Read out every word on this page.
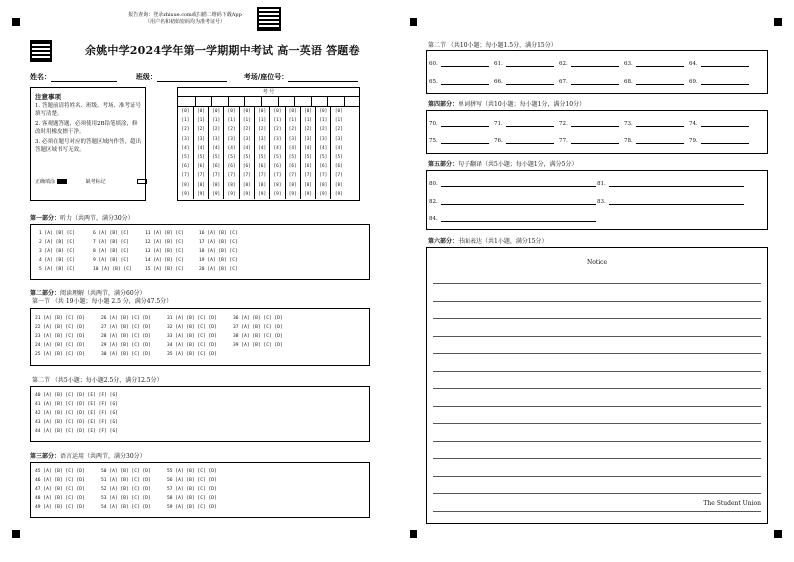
报告查询：登录zhixue.com或扫描二维码下载App
（用户名和初始密码均为准考证号）
余姚中学2024学年第一学期期中考试 高一英语 答题卷
姓名：	班级：	考场/座位号：
注意事项
1. 答题前请将姓名、班级、考场、准考证号填写清楚。
2. 客观题答题，必须使用2B铅笔填涂，修改时用橡皮擦干净。
3. 必须在题号对应的答题区域内作答，超出答题区域书写无效。
正确填涂	缺考标记
考 号
[0]	[0]	[0]	[0]	[0]	[0]	[0]	[0]	[0]	[0]	[0]
[1]	[1]	[1]	[1]	[1]	[1]	[1]	[1]	[1]	[1]	[1]
[2]	[2]	[2]	[2]	[2]	[2]	[2]	[2]	[2]	[2]	[2]
[3]	[3]	[3]	[3]	[3]	[3]	[3]	[3]	[3]	[3]	[3]
[4]	[4]	[4]	[4]	[4]	[4]	[4]	[4]	[4]	[4]	[4]
[5]	[5]	[5]	[5]	[5]	[5]	[5]	[5]	[5]	[5]	[5]
[6]	[6]	[6]	[6]	[6]	[6]	[6]	[6]	[6]	[6]	[6]
[7]	[7]	[7]	[7]	[7]	[7]	[7]	[7]	[7]	[7]	[7]
[8]	[8]	[8]	[8]	[8]	[8]	[8]	[8]	[8]	[8]	[8]
[9]	[9]	[9]	[9]	[9]	[9]	[9]	[9]	[9]	[9]	[9]
第一部分：听力（共两节，满分30分）
1 [A] [B] [C]
2 [A] [B] [C]
3 [A] [B] [C]
4 [A] [B] [C]
5 [A] [B] [C]
6 [A] [B] [C]
7 [A] [B] [C]
8 [A] [B] [C]
9 [A] [B] [C]
10 [A] [B] [C]
11 [A] [B] [C]
12 [A] [B] [C]
13 [A] [B] [C]
14 [A] [B] [C]
15 [A] [B] [C]
16 [A] [B] [C]
17 [A] [B] [C]
18 [A] [B] [C]
19 [A] [B] [C]
20 [A] [B] [C]
第二部分：阅读理解（共两节，满分60分）
第一节 （共 19小题；每小题 2.5 分，满分47.5分）
21 [A] [B] [C] [D]
22 [A] [B] [C] [D]
23 [A] [B] [C] [D]
24 [A] [B] [C] [D]
25 [A] [B] [C] [D]
26 [A] [B] [C] [D]
27 [A] [B] [C] [D]
28 [A] [B] [C] [D]
29 [A] [B] [C] [D]
30 [A] [B] [C] [D]
31 [A] [B] [C] [D]
32 [A] [B] [C] [D]
33 [A] [B] [C] [D]
34 [A] [B] [C] [D]
35 [A] [B] [C] [D]
36 [A] [B] [C] [D]
37 [A] [B] [C] [D]
38 [A] [B] [C] [D]
39 [A] [B] [C] [D]
第二节 （共5小题；每小题2.5分，满分12.5分）
40 [A] [B] [C] [D] [E] [F] [G]
41 [A] [B] [C] [D] [E] [F] [G]
42 [A] [B] [C] [D] [E] [F] [G]
43 [A] [B] [C] [D] [E] [F] [G]
44 [A] [B] [C] [D] [E] [F] [G]
第三部分：语言运用（共两节，满分30分）
45 [A] [B] [C] [D]
46 [A] [B] [C] [D]
47 [A] [B] [C] [D]
48 [A] [B] [C] [D]
49 [A] [B] [C] [D]
50 [A] [B] [C] [D]
51 [A] [B] [C] [D]
52 [A] [B] [C] [D]
53 [A] [B] [C] [D]
54 [A] [B] [C] [D]
55 [A] [B] [C] [D]
56 [A] [B] [C] [D]
57 [A] [B] [C] [D]
58 [A] [B] [C] [D]
59 [A] [B] [C] [D]
第二节 （共10小题；每小题1.5分，满分15分）
60.	61.	62.	63.	64.
65.	66.	67.	68.	69.
第四部分：单词拼写（共10小题；每小题1分，满分10分）
70.	71.	72.	73.	74.
75.	76.	77.	78.	79.
第五部分：句子翻译（共5小题；每小题1分，满分5分）
80.	81.
82.	83.
84.
第六部分：书面表达（共1小题，满分15分）
Notice
The Student Union
